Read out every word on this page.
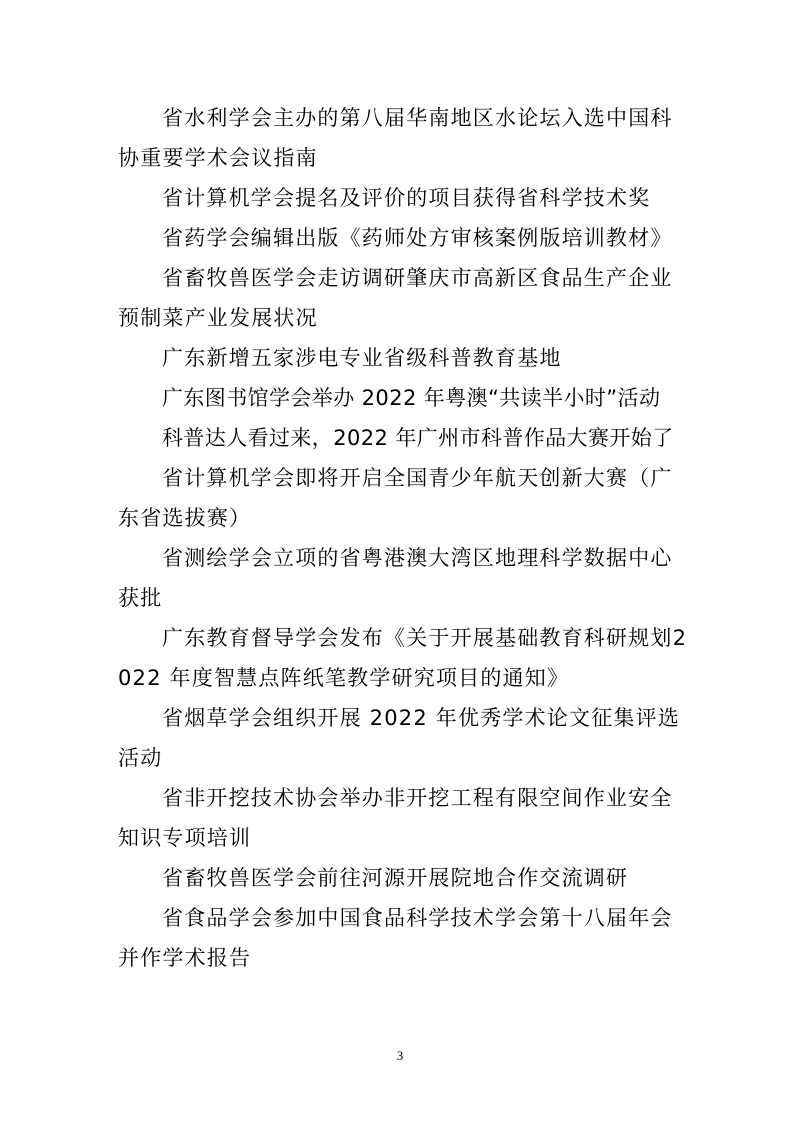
省水利学会主办的第八届华南地区水论坛入选中国科协重要学术会议指南

省计算机学会提名及评价的项目获得省科学技术奖

省药学会编辑出版《药师处方审核案例版培训教材》

省畜牧兽医学会走访调研肇庆市高新区食品生产企业预制菜产业发展状况

广东新增五家涉电专业省级科普教育基地

广东图书馆学会举办 2022 年粤澳“共读半小时”活动

科普达人看过来，2022 年广州市科普作品大赛开始了

省计算机学会即将开启全国青少年航天创新大赛（广东省选拔赛）

省测绘学会立项的省粤港澳大湾区地理科学数据中心获批

广东教育督导学会发布《关于开展基础教育科研规划2022 年度智慧点阵纸笔教学研究项目的通知》

省烟草学会组织开展 2022 年优秀学术论文征集评选活动

省非开挖技术协会举办非开挖工程有限空间作业安全知识专项培训

省畜牧兽医学会前往河源开展院地合作交流调研

省食品学会参加中国食品科学技术学会第十八届年会并作学术报告

3
